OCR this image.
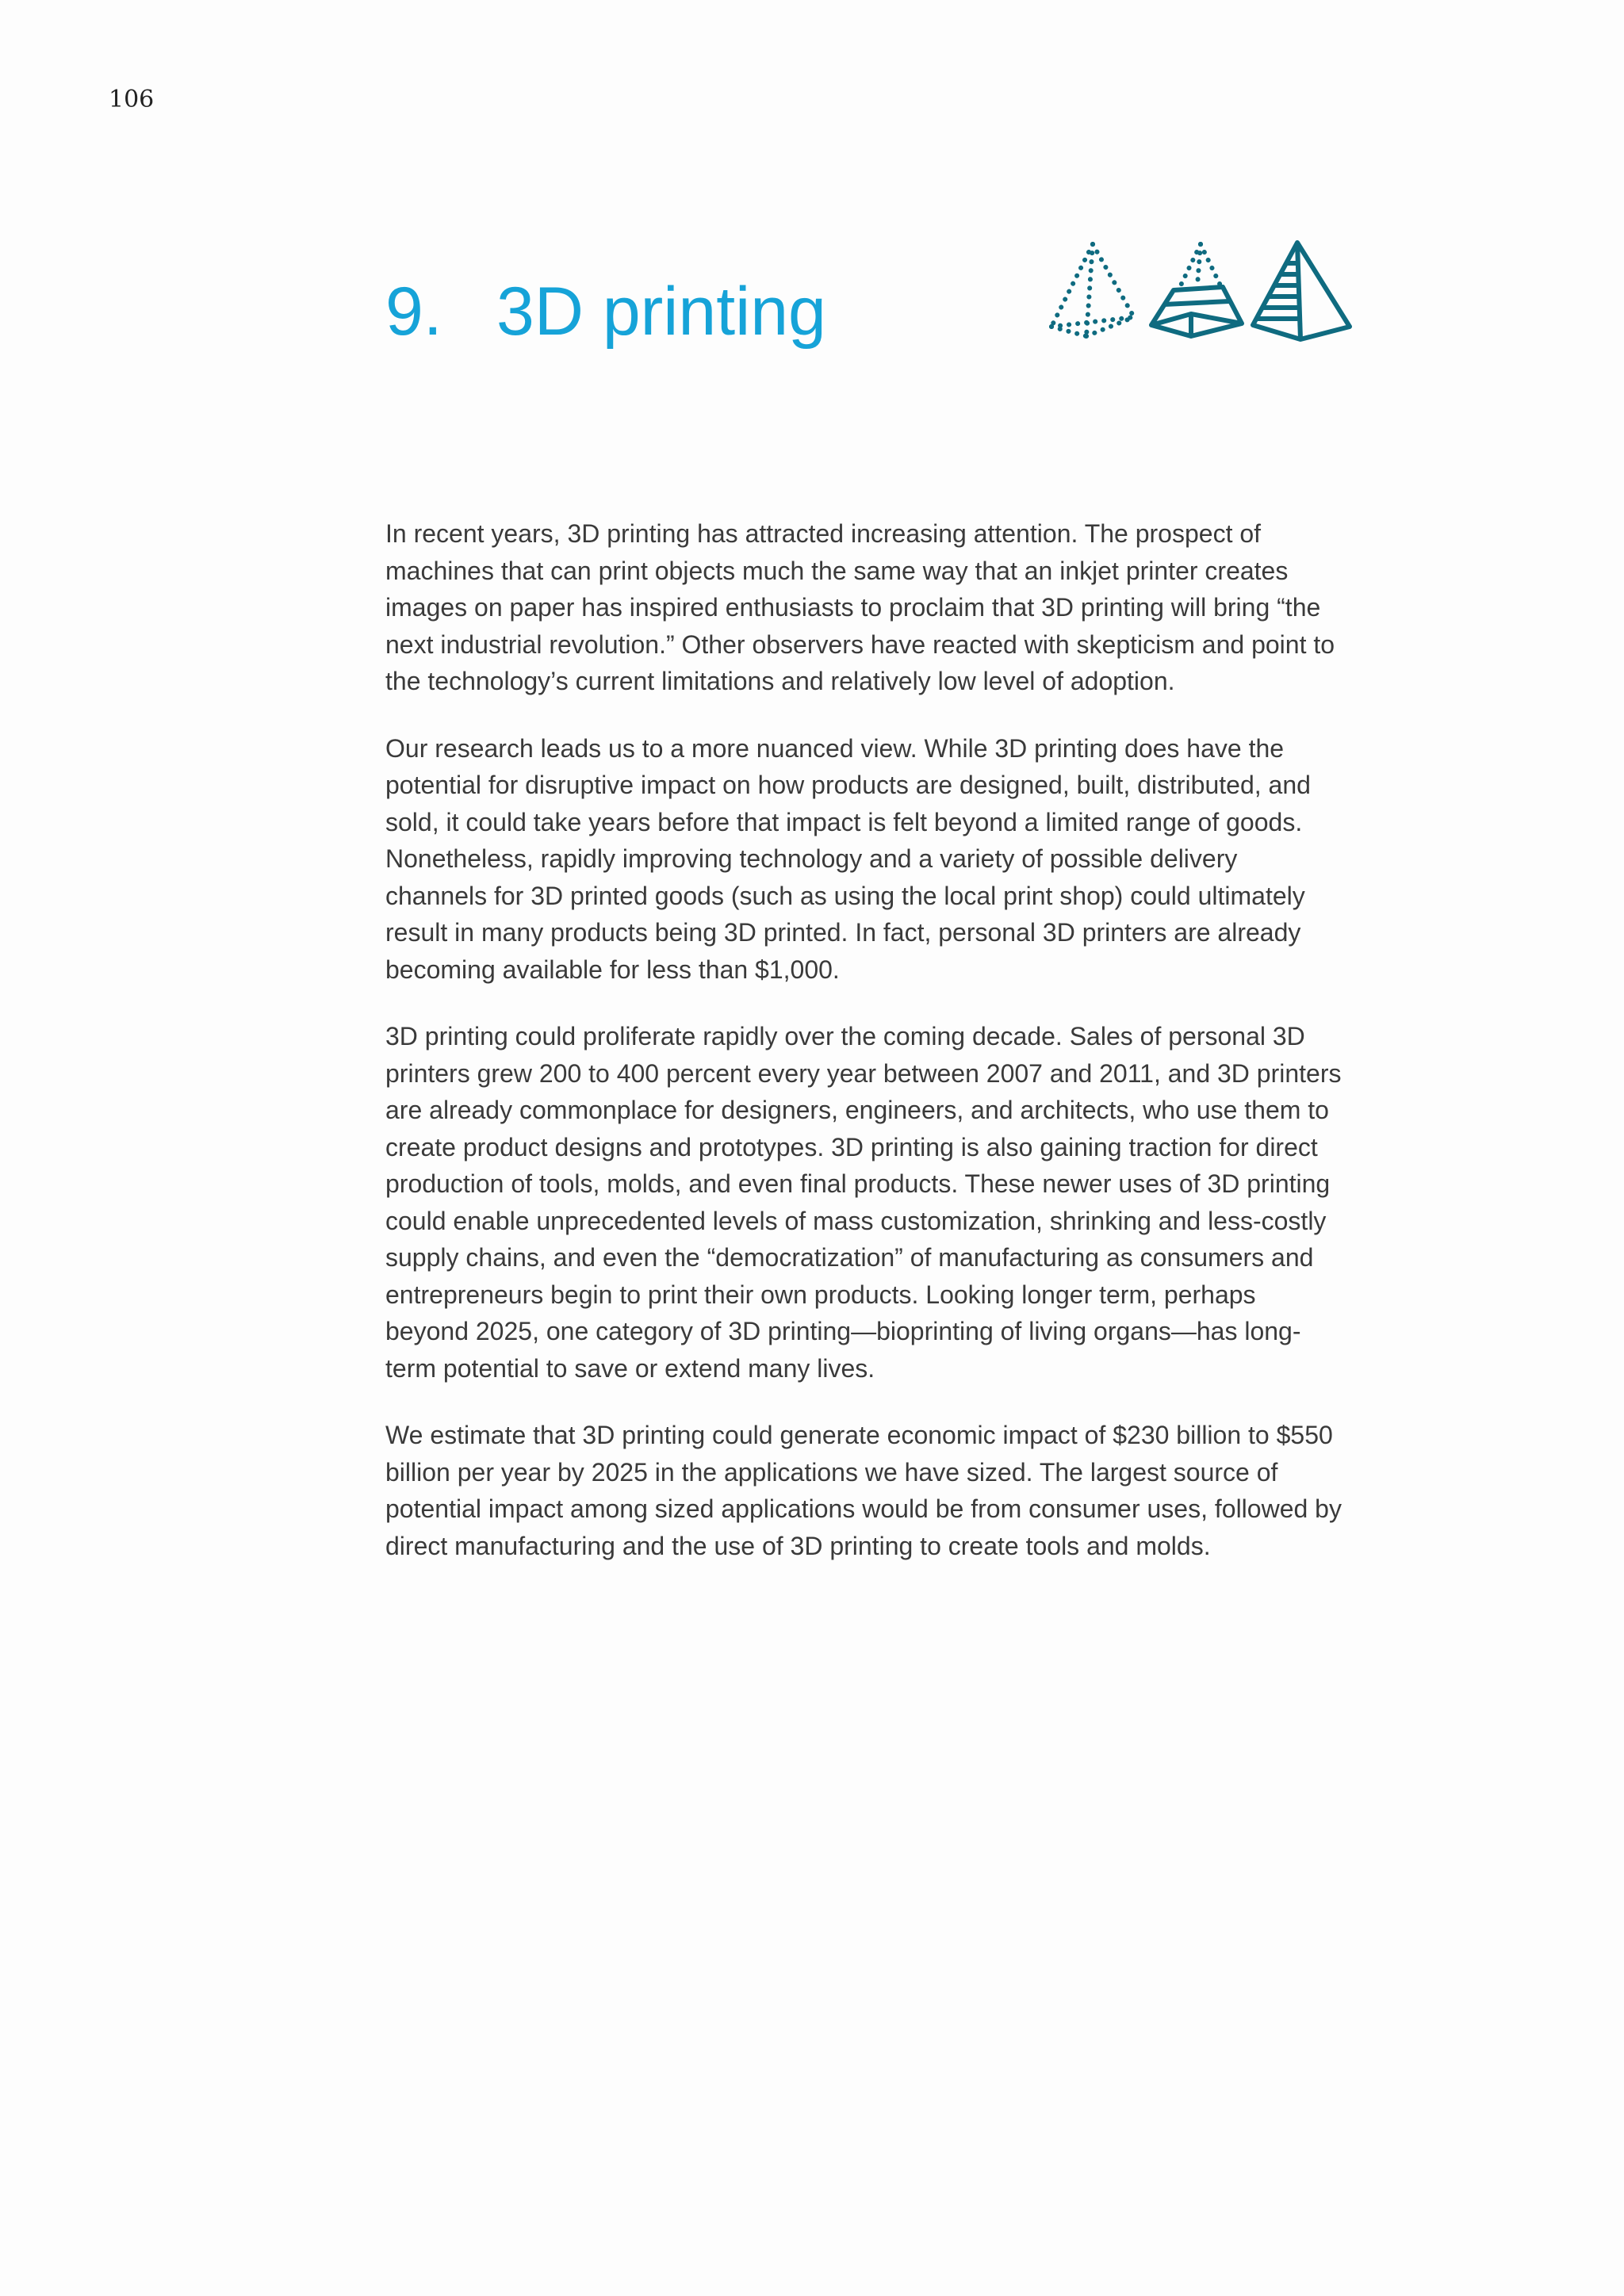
106
9. 3D printing

In recent years, 3D printing has attracted increasing attention. The prospect of machines that can print objects much the same way that an inkjet printer creates images on paper has inspired enthusiasts to proclaim that 3D printing will bring “the next industrial revolution.” Other observers have reacted with skepticism and point to the technology’s current limitations and relatively low level of adoption.

Our research leads us to a more nuanced view. While 3D printing does have the potential for disruptive impact on how products are designed, built, distributed, and sold, it could take years before that impact is felt beyond a limited range of goods. Nonetheless, rapidly improving technology and a variety of possible delivery channels for 3D printed goods (such as using the local print shop) could ultimately result in many products being 3D printed. In fact, personal 3D printers are already becoming available for less than $1,000.

3D printing could proliferate rapidly over the coming decade. Sales of personal 3D printers grew 200 to 400 percent every year between 2007 and 2011, and 3D printers are already commonplace for designers, engineers, and architects, who use them to create product designs and prototypes. 3D printing is also gaining traction for direct production of tools, molds, and even final products. These newer uses of 3D printing could enable unprecedented levels of mass customization, shrinking and less-costly supply chains, and even the “democratization” of manufacturing as consumers and entrepreneurs begin to print their own products. Looking longer term, perhaps beyond 2025, one category of 3D printing—bioprinting of living organs—has long-term potential to save or extend many lives.

We estimate that 3D printing could generate economic impact of $230 billion to $550 billion per year by 2025 in the applications we have sized. The largest source of potential impact among sized applications would be from consumer uses, followed by direct manufacturing and the use of 3D printing to create tools and molds.
